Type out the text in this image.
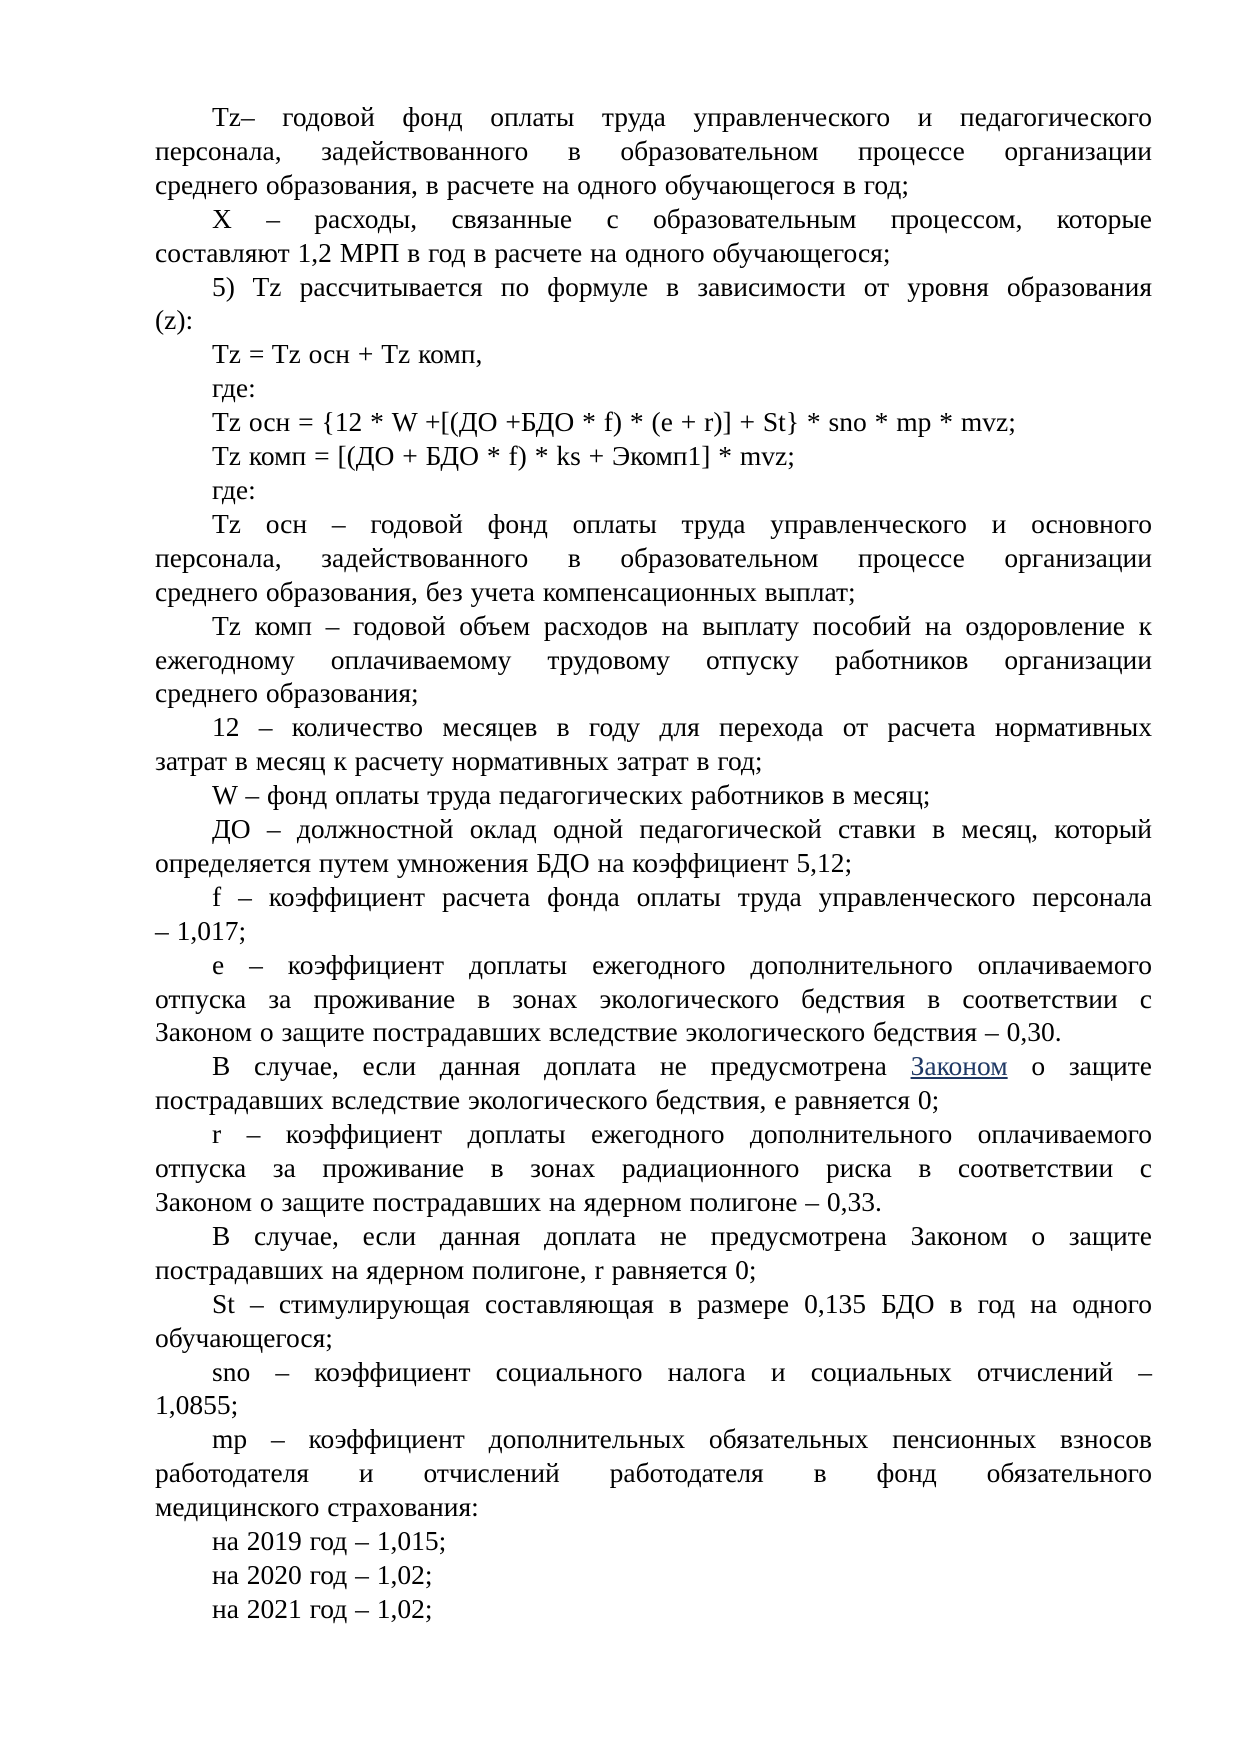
Tz– годовой фонд оплаты труда управленческого и педагогического
персонала, задействованного в образовательном процессе организации
среднего образования, в расчете на одного обучающегося в год;
Х – расходы, связанные с образовательным процессом, которые
составляют 1,2 МРП в год в расчете на одного обучающегося;
5) Tz рассчитывается по формуле в зависимости от уровня образования
(z):
Tz = Tz осн + Tz комп,
где:
Tz осн = {12 * W +[(ДО +БДО * f) * (e + r)] + St} * sno * mp * mvz;
Tz комп = [(ДО + БДО * f) * ks + Экомп1] * mvz;
где:
Tz осн – годовой фонд оплаты труда управленческого и основного
персонала, задействованного в образовательном процессе организации
среднего образования, без учета компенсационных выплат;
Tz комп – годовой объем расходов на выплату пособий на оздоровление к
ежегодному оплачиваемому трудовому отпуску работников организации
среднего образования;
12 – количество месяцев в году для перехода от расчета нормативных
затрат в месяц к расчету нормативных затрат в год;
W – фонд оплаты труда педагогических работников в месяц;
ДО – должностной оклад одной педагогической ставки в месяц, который
определяется путем умножения БДО на коэффициент 5,12;
f – коэффициент расчета фонда оплаты труда управленческого персонала
– 1,017;
е – коэффициент доплаты ежегодного дополнительного оплачиваемого
отпуска за проживание в зонах экологического бедствия в соответствии с
Законом о защите пострадавших вследствие экологического бедствия – 0,30.
В случае, если данная доплата не предусмотрена Законом о защите
пострадавших вследствие экологического бедствия, е равняется 0;
r – коэффициент доплаты ежегодного дополнительного оплачиваемого
отпуска за проживание в зонах радиационного риска в соответствии с
Законом о защите пострадавших на ядерном полигоне – 0,33.
В случае, если данная доплата не предусмотрена Законом о защите
пострадавших на ядерном полигоне, r равняется 0;
St – стимулирующая составляющая в размере 0,135 БДО в год на одного
обучающегося;
sno – коэффициент социального налога и социальных отчислений –
1,0855;
mp – коэффициент дополнительных обязательных пенсионных взносов
работодателя и отчислений работодателя в фонд обязательного
медицинского страхования:
на 2019 год – 1,015;
на 2020 год – 1,02;
на 2021 год – 1,02;
